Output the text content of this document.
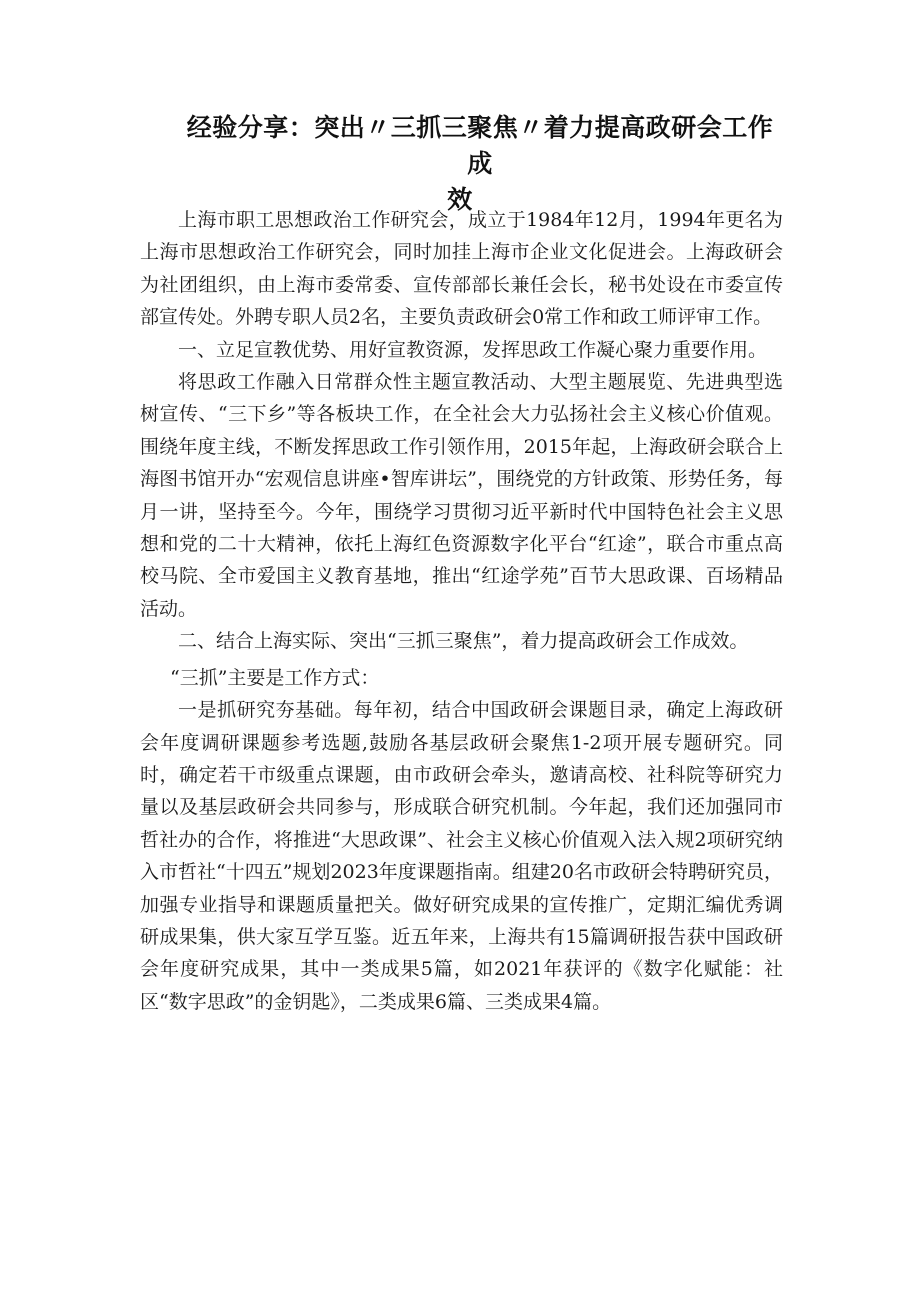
经验分享：突出〃三抓三聚焦〃着力提高政研会工作成
效

上海市职工思想政治工作研究会，成立于1984年12月，1994年更名为上海市思想政治工作研究会，同时加挂上海市企业文化促进会。上海政研会为社团组织，由上海市委常委、宣传部部长兼任会长，秘书处设在市委宣传部宣传处。外聘专职人员2名，主要负责政研会0常工作和政工师评审工作。

一、立足宣教优势、用好宣教资源，发挥思政工作凝心聚力重要作用。

将思政工作融入日常群众性主题宣教活动、大型主题展览、先进典型选树宣传、“三下乡”等各板块工作，在全社会大力弘扬社会主义核心价值观。围绕年度主线，不断发挥思政工作引领作用，2015年起，上海政研会联合上海图书馆开办“宏观信息讲座•智库讲坛”，围绕党的方针政策、形势任务，每月一讲，坚持至今。今年，围绕学习贯彻习近平新时代中国特色社会主义思想和党的二十大精神，依托上海红色资源数字化平台“红途”，联合市重点高校马院、全市爱国主义教育基地，推出“红途学苑”百节大思政课、百场精品活动。

二、结合上海实际、突出“三抓三聚焦”，着力提高政研会工作成效。

“三抓”主要是工作方式：

一是抓研究夯基础。每年初，结合中国政研会课题目录，确定上海政研会年度调研课题参考选题,鼓励各基层政研会聚焦1-2项开展专题研究。同时，确定若干市级重点课题，由市政研会牵头，邀请高校、社科院等研究力量以及基层政研会共同参与，形成联合研究机制。今年起，我们还加强同市哲社办的合作，将推进“大思政课”、社会主义核心价值观入法入规2项研究纳入市哲社“十四五”规划2023年度课题指南。组建20名市政研会特聘研究员，加强专业指导和课题质量把关。做好研究成果的宣传推广，定期汇编优秀调研成果集，供大家互学互鉴。近五年来，上海共有15篇调研报告获中国政研会年度研究成果，其中一类成果5篇，如2021年获评的《数字化赋能：社区“数字思政”的金钥匙》，二类成果6篇、三类成果4篇。
